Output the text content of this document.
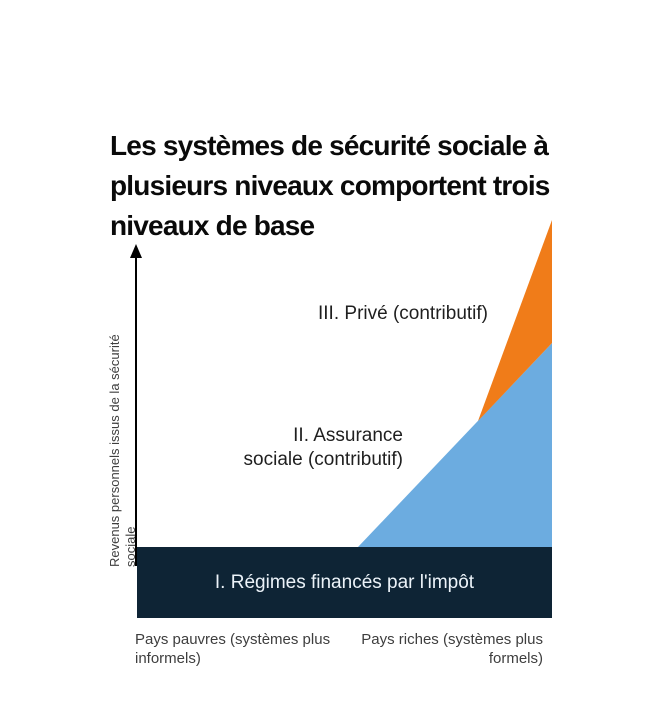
Les systèmes de sécurité sociale à
plusieurs niveaux comportent trois
niveaux de base
Revenus personnels issus de la sécurité sociale
III. Privé (contributif)
II. Assurance
sociale (contributif)
I. Régimes financés par l'impôt
Pays pauvres (systèmes plus
informels)
Pays riches (systèmes plus
formels)
